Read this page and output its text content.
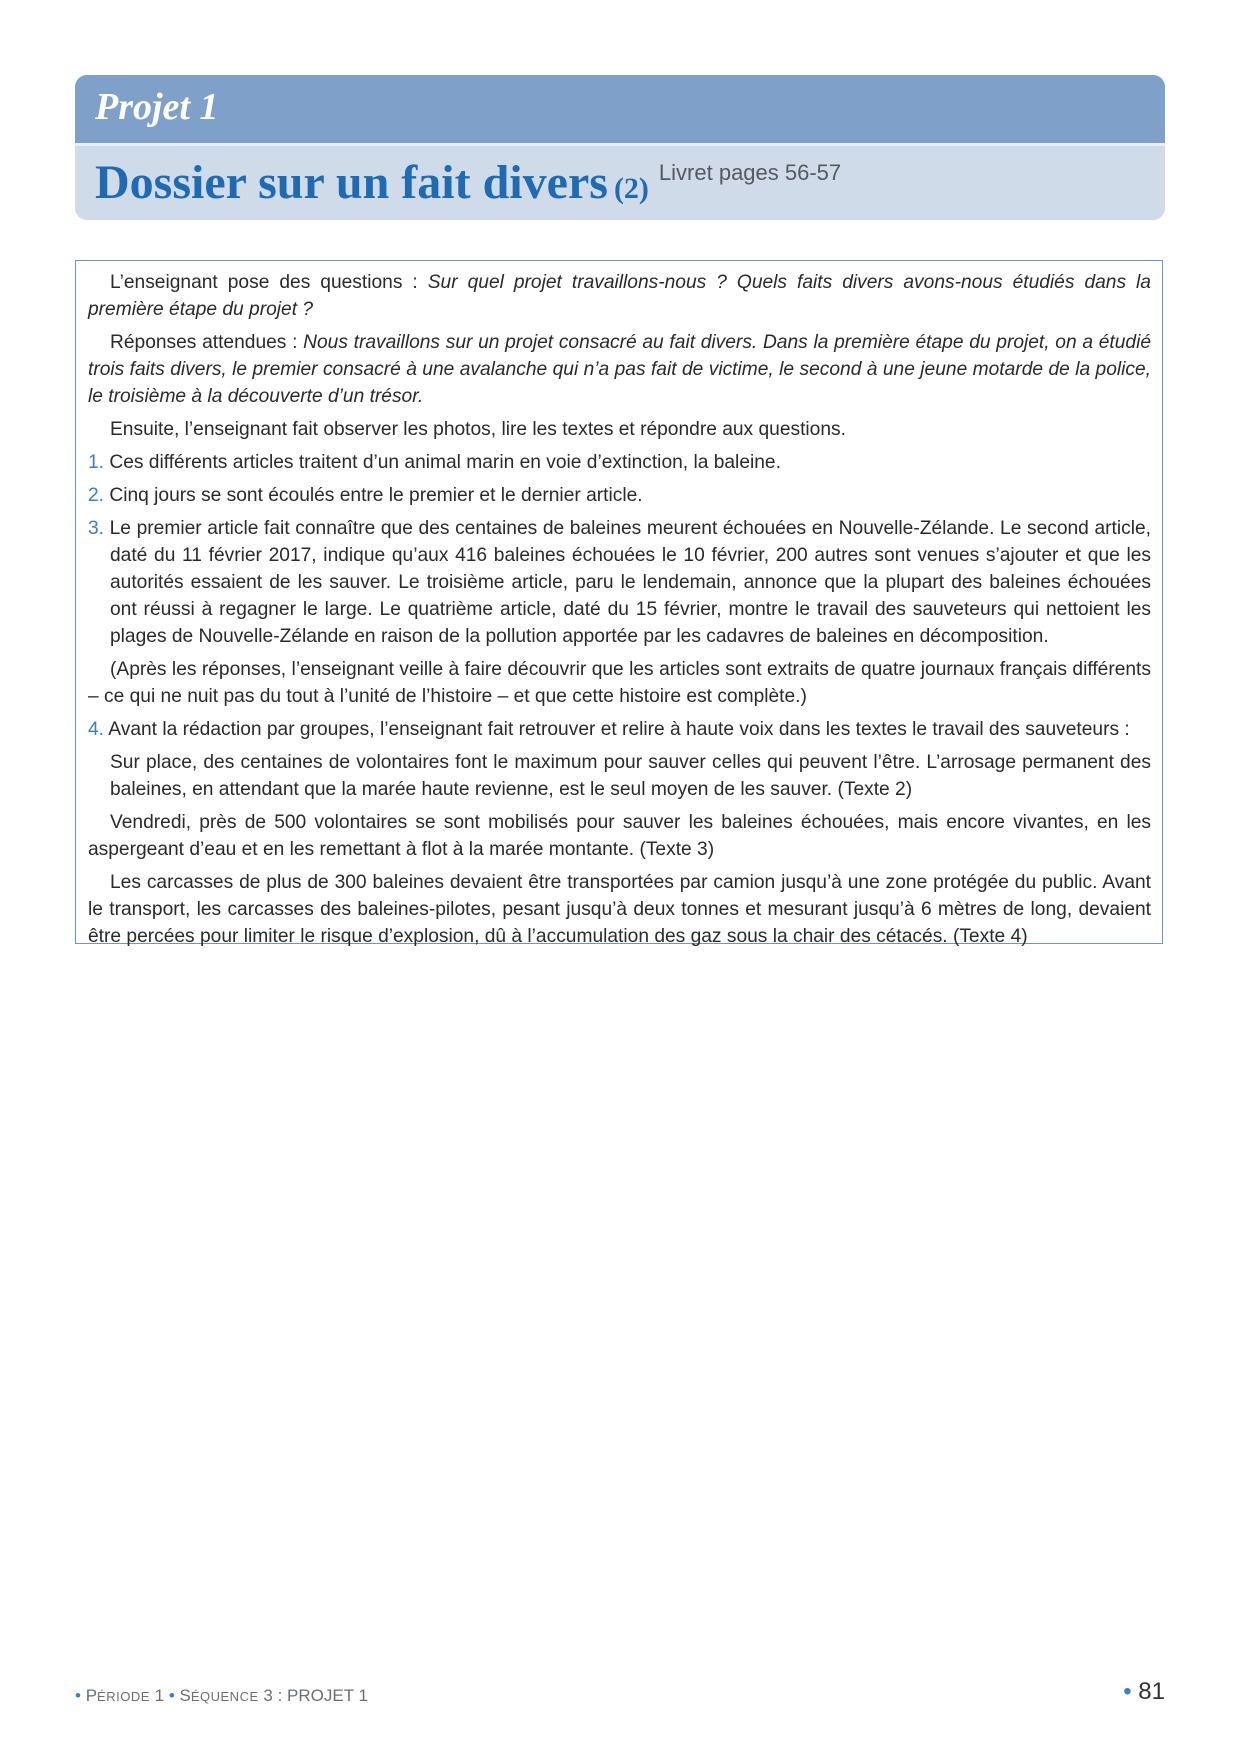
Projet 1
Dossier sur un fait divers (2) Livret pages 56-57

L’enseignant pose des questions : Sur quel projet travaillons-nous ? Quels faits divers avons-nous étudiés dans la première étape du projet ?

Réponses attendues : Nous travaillons sur un projet consacré au fait divers. Dans la première étape du projet, on a étudié trois faits divers, le premier consacré à une avalanche qui n’a pas fait de victime, le second à une jeune motarde de la police, le troisième à la découverte d’un trésor.

Ensuite, l’enseignant fait observer les photos, lire les textes et répondre aux questions.

1. Ces différents articles traitent d’un animal marin en voie d’extinction, la baleine.

2. Cinq jours se sont écoulés entre le premier et le dernier article.

3. Le premier article fait connaître que des centaines de baleines meurent échouées en Nouvelle-Zélande. Le second article, daté du 11 février 2017, indique qu’aux 416 baleines échouées le 10 février, 200 autres sont venues s’ajouter et que les autorités essaient de les sauver. Le troisième article, paru le lendemain, annonce que la plupart des baleines échouées ont réussi à regagner le large. Le quatrième article, daté du 15 février, montre le travail des sauveteurs qui nettoient les plages de Nouvelle-Zélande en raison de la pollution apportée par les cadavres de baleines en décomposition.

(Après les réponses, l’enseignant veille à faire découvrir que les articles sont extraits de quatre journaux français différents – ce qui ne nuit pas du tout à l’unité de l’histoire – et que cette histoire est complète.)

4. Avant la rédaction par groupes, l’enseignant fait retrouver et relire à haute voix dans les textes le travail des sauveteurs :

Sur place, des centaines de volontaires font le maximum pour sauver celles qui peuvent l’être. L’arrosage permanent des baleines, en attendant que la marée haute revienne, est le seul moyen de les sauver. (Texte 2)

Vendredi, près de 500 volontaires se sont mobilisés pour sauver les baleines échouées, mais encore vivantes, en les aspergeant d’eau et en les remettant à flot à la marée montante. (Texte 3)

Les carcasses de plus de 300 baleines devaient être transportées par camion jusqu’à une zone protégée du public. Avant le transport, les carcasses des baleines-pilotes, pesant jusqu’à deux tonnes et mesurant jusqu’à 6 mètres de long, devaient être percées pour limiter le risque d’explosion, dû à l’accumulation des gaz sous la chair des cétacés. (Texte 4)

• PÉRIODE 1 • SÉQUENCE 3 : PROJET 1	• 81
